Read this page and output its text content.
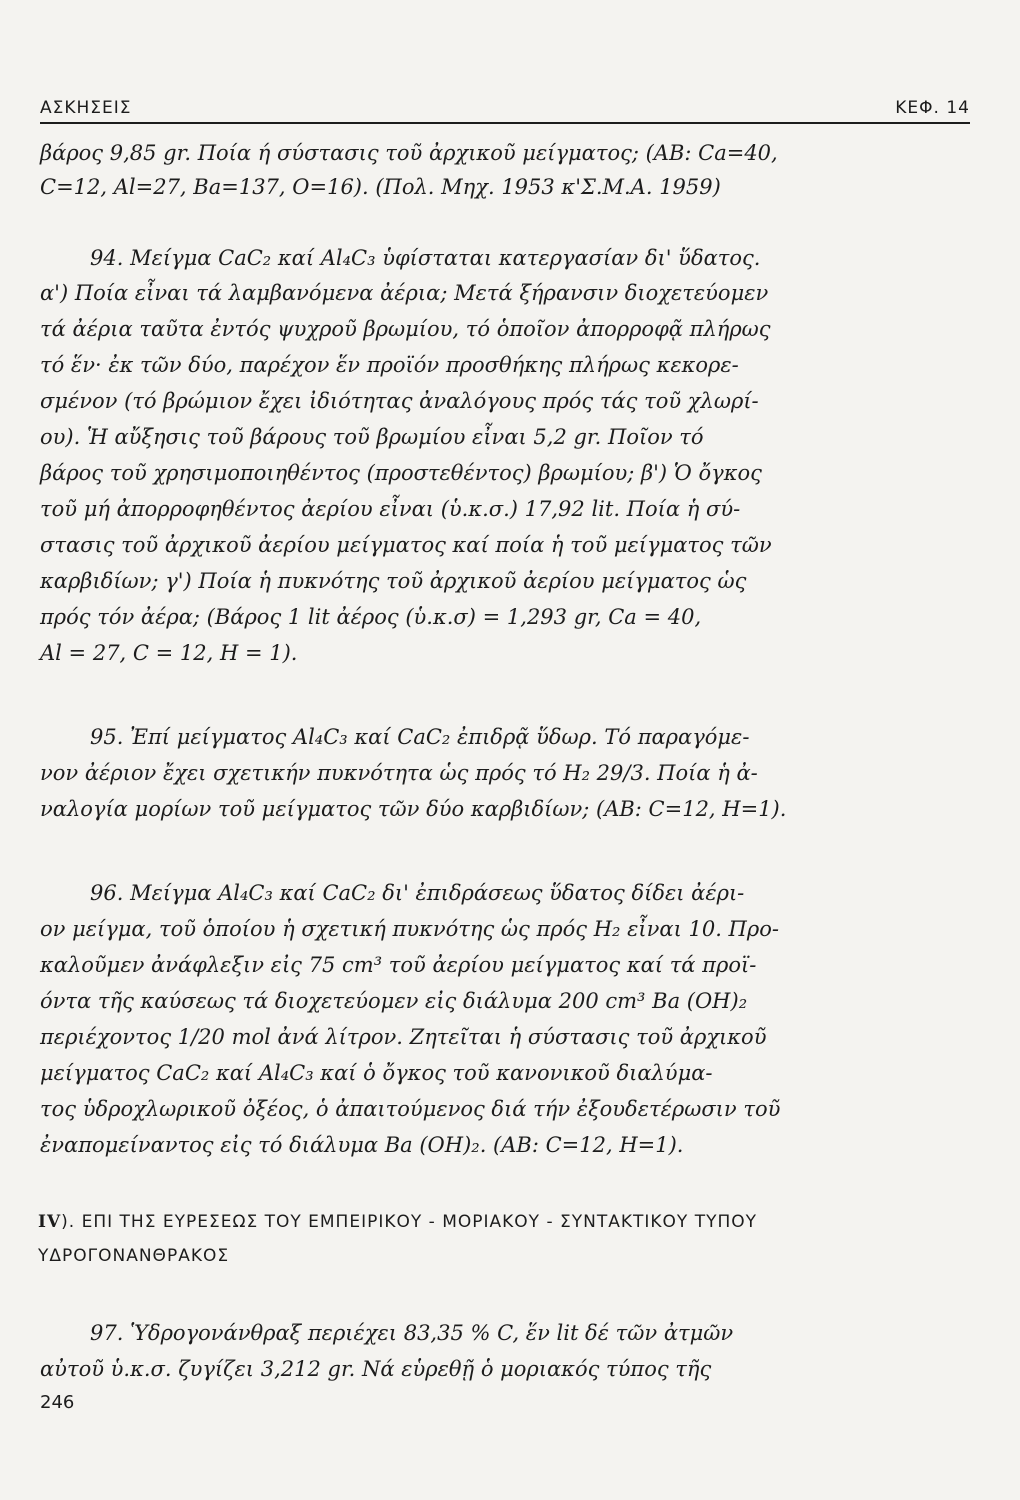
ΑΣΚΗΣΕΙΣ	ΚΕΦ. 14
βάρος 9,85 gr. Ποία ή σύστασις τοῦ ἀρχικοῦ μείγματος; (ΑΒ: Ca=40,
C=12, Al=27, Ba=137, O=16). (Πολ. Μηχ. 1953 κ'Σ.Μ.Α. 1959)
94. Μείγμα CaC₂ καί Al₄C₃ ὑφίσταται κατεργασίαν δι' ὕδατος.
α') Ποία εἶναι τά λαμβανόμενα ἀέρια; Μετά ξήρανσιν διοχετεύομεν
τά ἀέρια ταῦτα ἐντός ψυχροῦ βρωμίου, τό ὁποῖον ἀπορροφᾷ πλήρως
τό ἕν· ἐκ τῶν δύο, παρέχον ἕν προϊόν προσθήκης πλήρως κεκορε-
σμένον (τό βρώμιον ἔχει ἰδιότητας ἀναλόγους πρός τάς τοῦ χλωρί-
ου). Ἡ αὔξησις τοῦ βάρους τοῦ βρωμίου εἶναι 5,2 gr. Ποῖον τό
βάρος τοῦ χρησιμοποιηθέντος (προστεθέντος) βρωμίου; β') Ὁ ὄγκος
τοῦ μή ἀπορροφηθέντος ἀερίου εἶναι (ὑ.κ.σ.) 17,92 lit. Ποία ἡ σύ-
στασις τοῦ ἀρχικοῦ ἀερίου μείγματος καί ποία ἡ τοῦ μείγματος τῶν
καρβιδίων; γ') Ποία ἡ πυκνότης τοῦ ἀρχικοῦ ἀερίου μείγματος ὡς
πρός τόν ἀέρα; (Βάρος 1 lit ἀέρος (ὑ.κ.σ) = 1,293 gr, Ca = 40,
Al = 27, C = 12, H = 1).
95. Ἐπί μείγματος Al₄C₃ καί CaC₂ ἐπιδρᾷ ὕδωρ. Τό παραγόμε-
νον ἀέριον ἔχει σχετικήν πυκνότητα ὡς πρός τό H₂ 29/3. Ποία ἡ ἀ-
ναλογία μορίων τοῦ μείγματος τῶν δύο καρβιδίων; (ΑΒ: C=12, H=1).
96. Μείγμα Al₄C₃ καί CaC₂ δι' ἐπιδράσεως ὕδατος δίδει ἀέρι-
ον μείγμα, τοῦ ὁποίου ἡ σχετική πυκνότης ὡς πρός H₂ εἶναι 10. Προ-
καλοῦμεν ἀνάφλεξιν εἰς 75 cm³ τοῦ ἀερίου μείγματος καί τά προϊ-
όντα τῆς καύσεως τά διοχετεύομεν εἰς διάλυμα 200 cm³ Ba (OH)₂
περιέχοντος 1/20 mol ἀνά λίτρον. Ζητεῖται ἡ σύστασις τοῦ ἀρχικοῦ
μείγματος CaC₂ καί Al₄C₃ καί ὁ ὄγκος τοῦ κανονικοῦ διαλύμα-
τος ὑδροχλωρικοῦ ὀξέος, ὁ ἀπαιτούμενος διά τήν ἐξουδετέρωσιν τοῦ
ἐναπομείναντος εἰς τό διάλυμα Ba (OH)₂. (ΑΒ: C=12, H=1).
IV). ΕΠΙ ΤΗΣ ΕΥΡΕΣΕΩΣ ΤΟΥ ΕΜΠΕΙΡΙΚΟΥ - ΜΟΡΙΑΚΟΥ - ΣΥΝΤΑΚΤΙΚΟΥ ΤΥΠΟΥ
ΥΔΡΟΓΟΝΑΝΘΡΑΚΟΣ
97. Ὑδρογονάνθραξ περιέχει 83,35 % C, ἕν lit δέ τῶν ἀτμῶν
αὐτοῦ ὑ.κ.σ. ζυγίζει 3,212 gr. Νά εὑρεθῇ ὁ μοριακός τύπος τῆς
246
